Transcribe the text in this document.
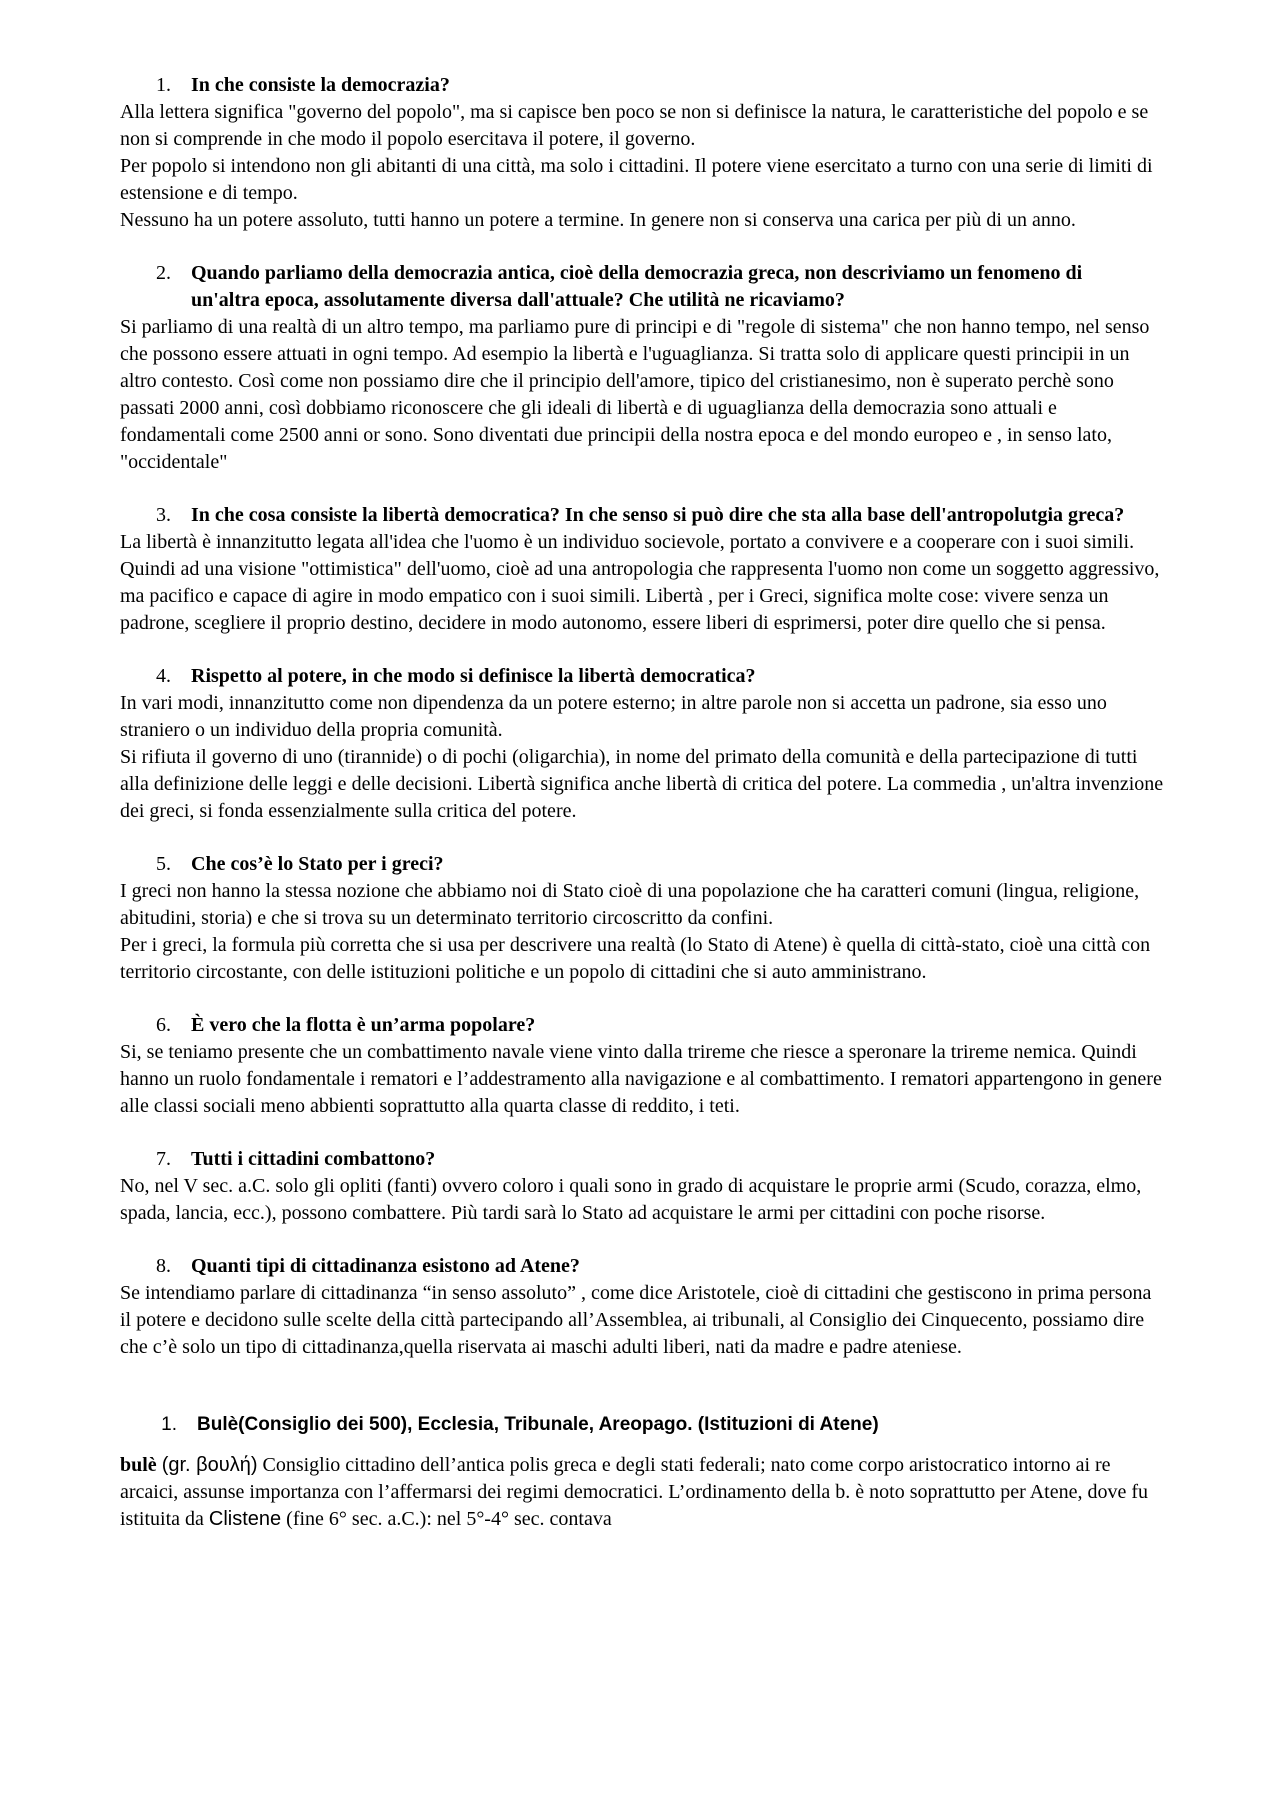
1.	In che consiste la democrazia?

Alla lettera significa "governo del popolo", ma si capisce ben poco se non si definisce la natura, le caratteristiche del popolo e se non si comprende in che modo il popolo esercitava il potere, il governo.

Per popolo si intendono non gli abitanti di una città, ma solo i cittadini. Il potere viene esercitato a turno con una serie di limiti di estensione e di tempo.

Nessuno ha un potere assoluto, tutti hanno un potere a termine. In genere non si conserva una carica per più di un anno.

2.	Quando parliamo della democrazia antica, cioè della democrazia greca, non descriviamo un fenomeno di un'altra epoca, assolutamente diversa dall'attuale? Che utilità ne ricaviamo?

Si parliamo di una realtà di un altro tempo, ma parliamo pure di principi e di "regole di sistema" che non hanno tempo, nel senso che possono essere attuati in ogni tempo. Ad esempio la libertà e l'uguaglianza. Si tratta solo di applicare questi principii in un altro contesto. Così come non possiamo dire che il principio dell'amore, tipico del cristianesimo, non è superato perchè sono passati 2000 anni, così dobbiamo riconoscere che gli ideali di libertà e di uguaglianza della democrazia sono attuali e fondamentali come 2500 anni or sono. Sono diventati due principii della nostra epoca e del mondo europeo e , in senso lato, "occidentale"

3.	In che cosa consiste la libertà democratica? In che senso si può dire che sta alla base dell'antropolutgia greca?

La libertà è innanzitutto legata all'idea che l'uomo è un individuo socievole, portato a convivere e a cooperare con i suoi simili. Quindi ad una visione "ottimistica" dell'uomo, cioè ad una antropologia che rappresenta l'uomo non come un soggetto aggressivo, ma pacifico e capace di agire in modo empatico con i suoi simili. Libertà , per i Greci, significa molte cose: vivere senza un padrone, scegliere il proprio destino, decidere in modo autonomo, essere liberi di esprimersi, poter dire quello che si pensa.

4.	Rispetto al potere, in che modo si definisce la libertà democratica?

In vari modi, innanzitutto come non dipendenza da un potere esterno; in altre parole non si accetta un padrone, sia esso uno straniero o un individuo della propria comunità.

Si rifiuta il governo di uno (tirannide) o di pochi (oligarchia), in nome del primato della comunità e della partecipazione di tutti alla definizione delle leggi e delle decisioni. Libertà significa anche libertà di critica del potere. La commedia , un'altra invenzione dei greci, si fonda essenzialmente sulla critica del potere.

5.	Che cos’è lo Stato per i greci?

I greci non hanno la stessa nozione che abbiamo noi di Stato cioè di una popolazione che ha caratteri comuni (lingua, religione, abitudini, storia) e che si trova su un determinato territorio circoscritto da confini.

Per i greci, la formula più corretta che si usa per descrivere una realtà (lo Stato di Atene) è quella di città-stato, cioè una città con territorio circostante, con delle istituzioni politiche e un popolo di cittadini che si auto amministrano.

6.	È vero che la flotta è un’arma popolare?

Si, se teniamo presente che un combattimento navale viene vinto dalla trireme che riesce a speronare la trireme nemica. Quindi hanno un ruolo fondamentale i rematori e l’addestramento alla navigazione e al combattimento. I rematori appartengono in genere alle classi sociali meno abbienti soprattutto alla quarta classe di reddito, i teti.

7.	Tutti i cittadini combattono?

No, nel V sec. a.C. solo gli opliti (fanti) ovvero coloro i quali sono in grado di acquistare le proprie armi (Scudo, corazza, elmo, spada, lancia, ecc.), possono combattere. Più tardi sarà lo Stato ad acquistare le armi per cittadini con poche risorse.

8.	Quanti tipi di cittadinanza esistono ad Atene?

Se intendiamo parlare di cittadinanza “in senso assoluto” , come dice Aristotele, cioè di cittadini che gestiscono in prima persona il potere e decidono sulle scelte della città partecipando all’Assemblea, ai tribunali, al Consiglio dei Cinquecento, possiamo dire che c’è solo un tipo di cittadinanza,quella riservata ai maschi adulti liberi, nati da madre e padre ateniese.

1.	Bulè(Consiglio dei 500), Ecclesia, Tribunale, Areopago. (Istituzioni di Atene)

bulè (gr. βουλή) Consiglio cittadino dell’antica polis greca e degli stati federali; nato come corpo aristocratico intorno ai re arcaici, assunse importanza con l’affermarsi dei regimi democratici. L’ordinamento della b. è noto soprattutto per Atene, dove fu istituita da Clistene (fine 6° sec. a.C.): nel 5°-4° sec. contava
